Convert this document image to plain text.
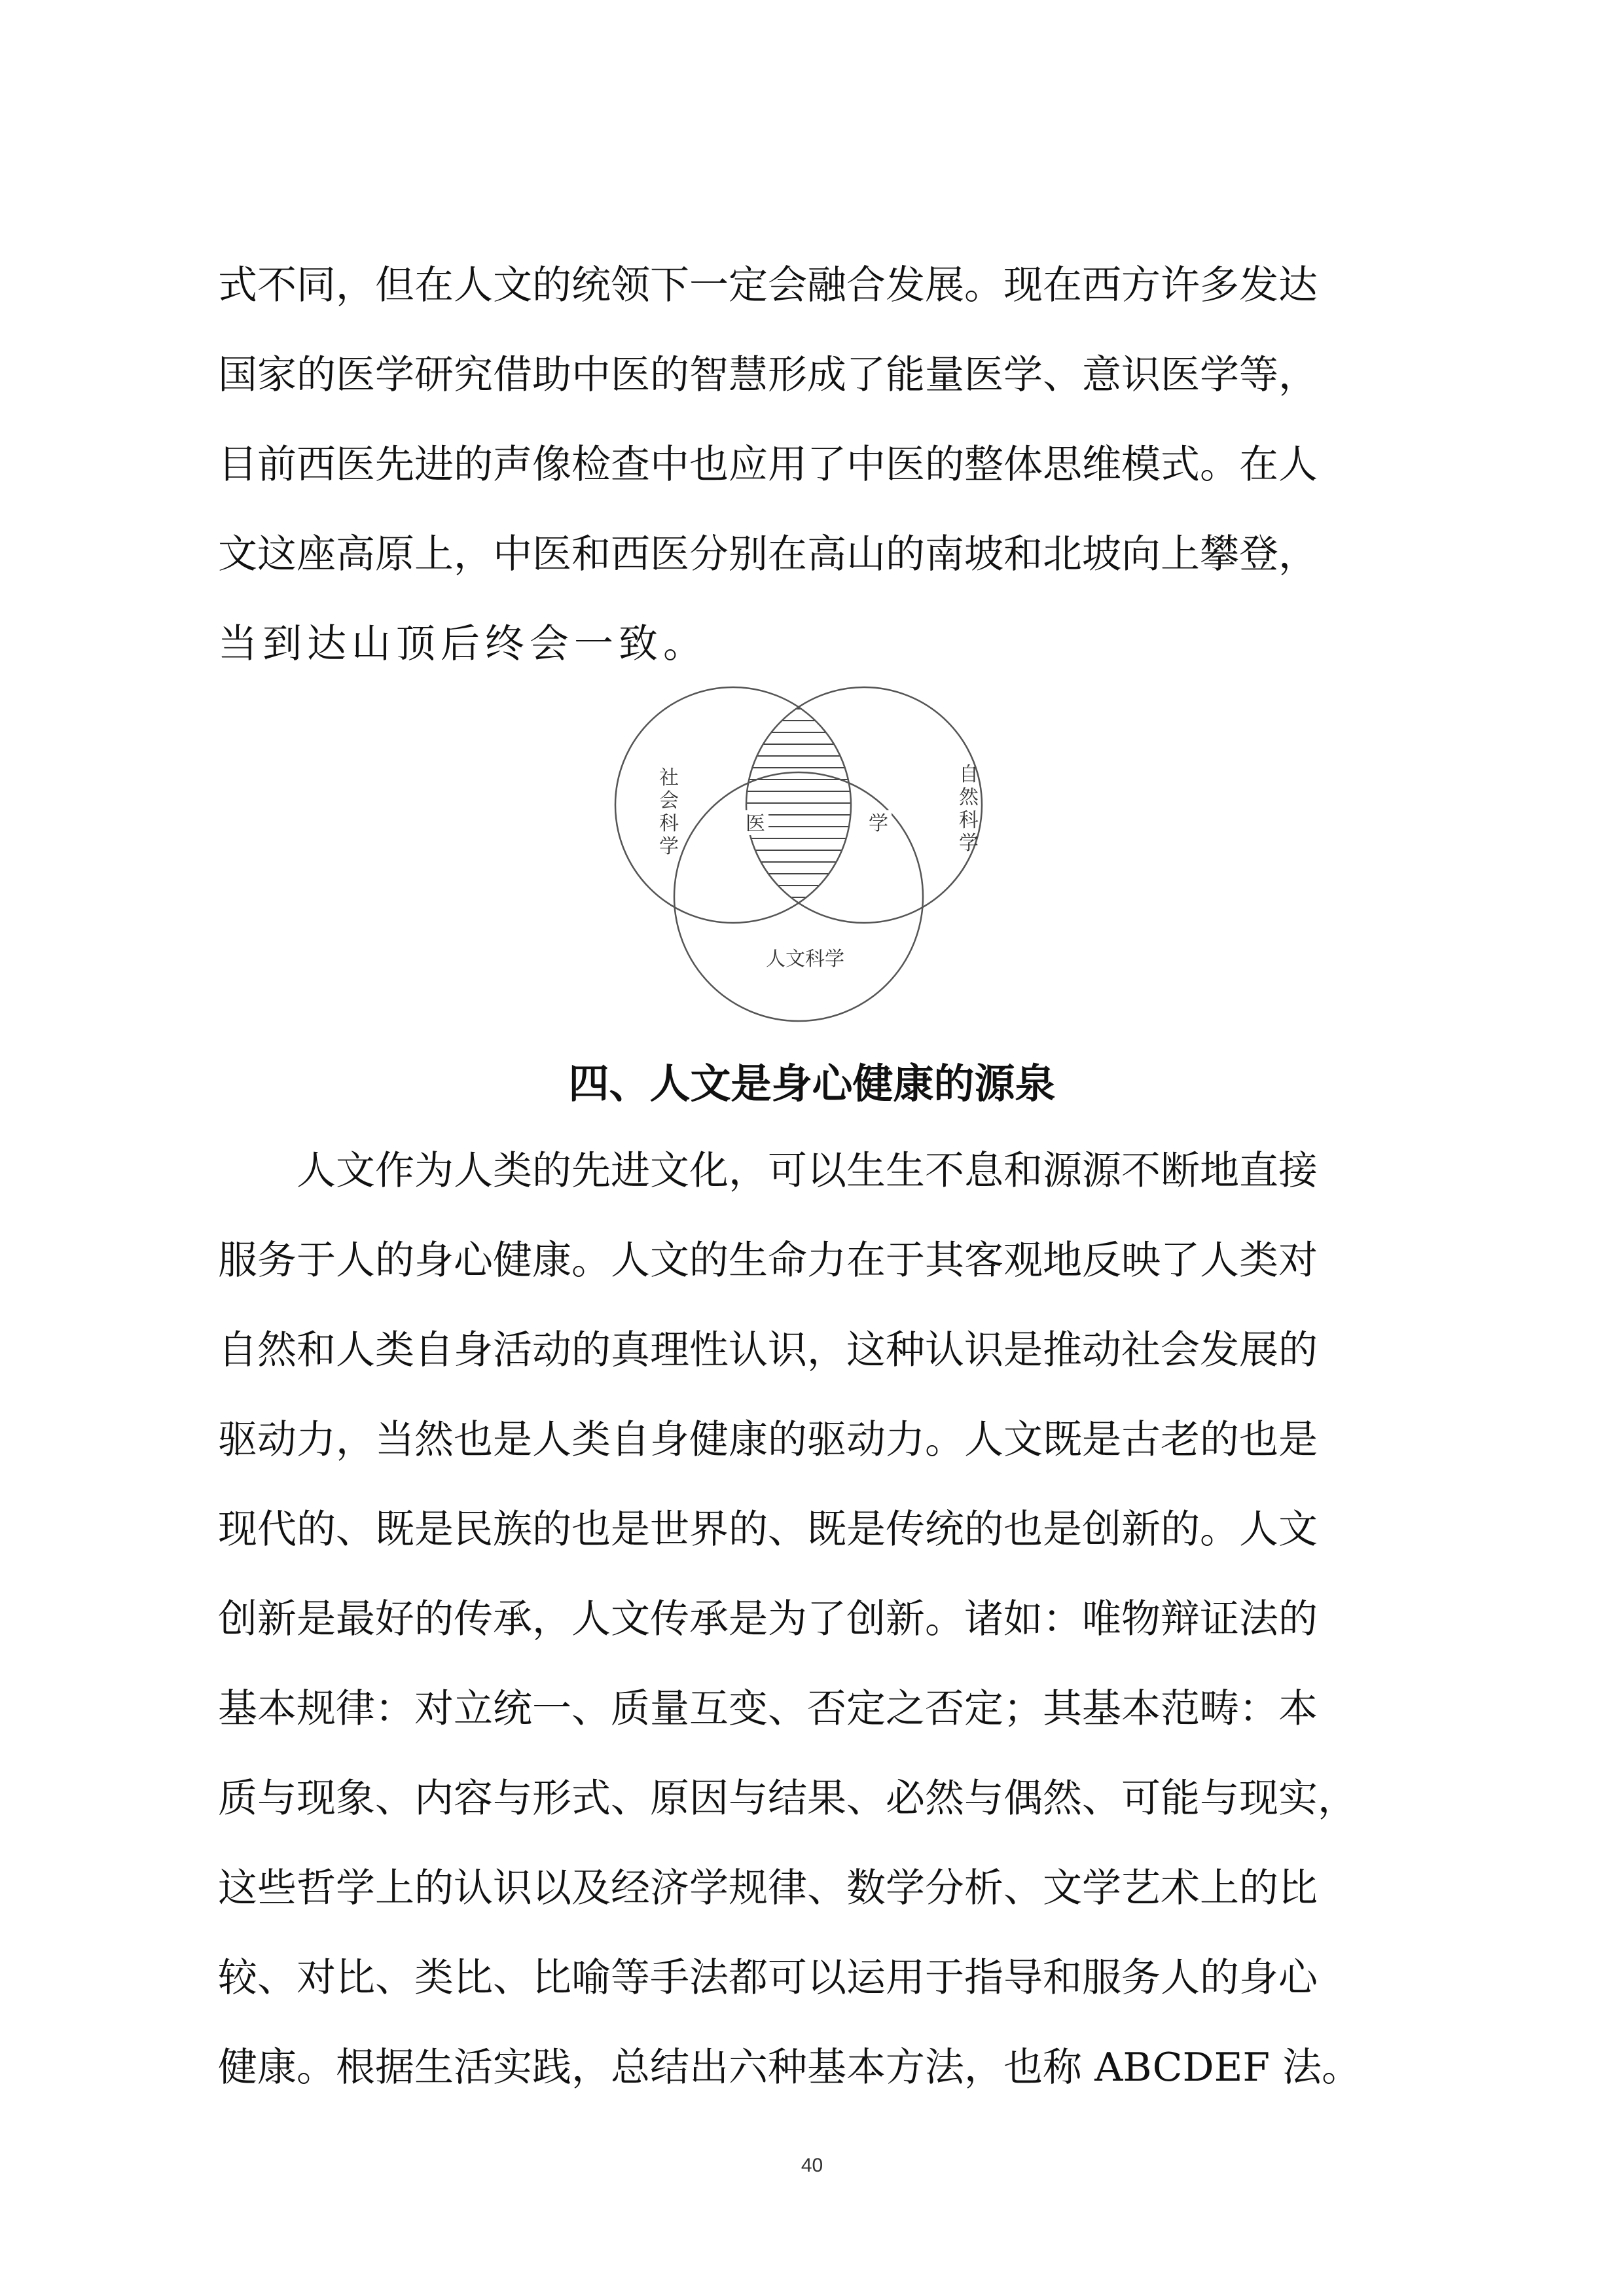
式不同，但在人文的统领下一定会融合发展。现在西方许多发达
国家的医学研究借助中医的智慧形成了能量医学、意识医学等，
目前西医先进的声像检查中也应用了中医的整体思维模式。在人
文这座高原上，中医和西医分别在高山的南坡和北坡向上攀登，
当到达山顶后终会一致。
社
会
科
学
自
然
科
学
医	学
人文科学
四、人文是身心健康的源泉
人文作为人类的先进文化，可以生生不息和源源不断地直接
服务于人的身心健康。人文的生命力在于其客观地反映了人类对
自然和人类自身活动的真理性认识，这种认识是推动社会发展的
驱动力，当然也是人类自身健康的驱动力。人文既是古老的也是
现代的、既是民族的也是世界的、既是传统的也是创新的。人文
创新是最好的传承，人文传承是为了创新。诸如：唯物辩证法的
基本规律：对立统一、质量互变、否定之否定；其基本范畴：本
质与现象、内容与形式、原因与结果、必然与偶然、可能与现实，
这些哲学上的认识以及经济学规律、数学分析、文学艺术上的比
较、对比、类比、比喻等手法都可以运用于指导和服务人的身心
健康。根据生活实践，总结出六种基本方法，也称 ABCDEF 法。
40
